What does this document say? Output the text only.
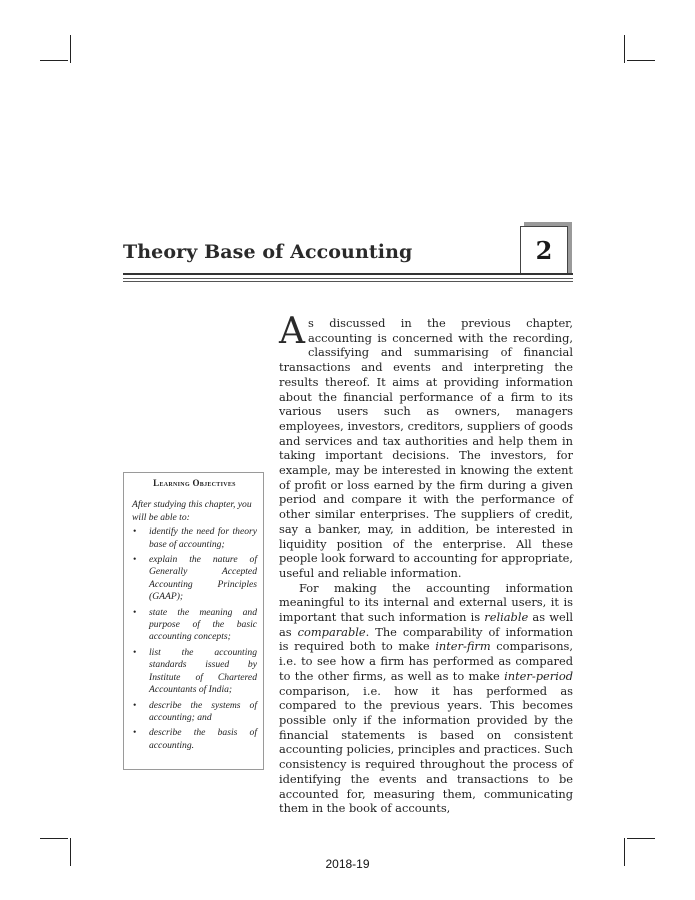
Theory Base of Accounting	2
Learning Objectives

After studying this chapter, you will be able to:

• identify the need for theory base of accounting;
• explain the nature of Generally Accepted Accounting Principles (GAAP);
• state the meaning and purpose of the basic accounting concepts;
• list the accounting standards issued by Institute of Chartered Accountants of India;
• describe the systems of accounting; and
• describe the basis of accounting.

As discussed in the previous chapter, accounting is concerned with the recording, classifying and summarising of financial transactions and events and interpreting the results thereof. It aims at providing information about the financial performance of a firm to its various users such as owners, managers employees, investors, creditors, suppliers of goods and services and tax authorities and help them in taking important decisions. The investors, for example, may be interested in knowing the extent of profit or loss earned by the firm during a given period and compare it with the performance of other similar enterprises. The suppliers of credit, say a banker, may, in addition, be interested in liquidity position of the enterprise. All these people look forward to accounting for appropriate, useful and reliable information.

For making the accounting information meaningful to its internal and external users, it is important that such information is reliable as well as comparable. The comparability of information is required both to make inter-firm comparisons, i.e. to see how a firm has performed as compared to the other firms, as well as to make inter-period comparison, i.e. how it has performed as compared to the previous years. This becomes possible only if the information provided by the financial statements is based on consistent accounting policies, principles and practices. Such consistency is required throughout the process of identifying the events and transactions to be accounted for, measuring them, communicating them in the book of accounts,

2018-19
